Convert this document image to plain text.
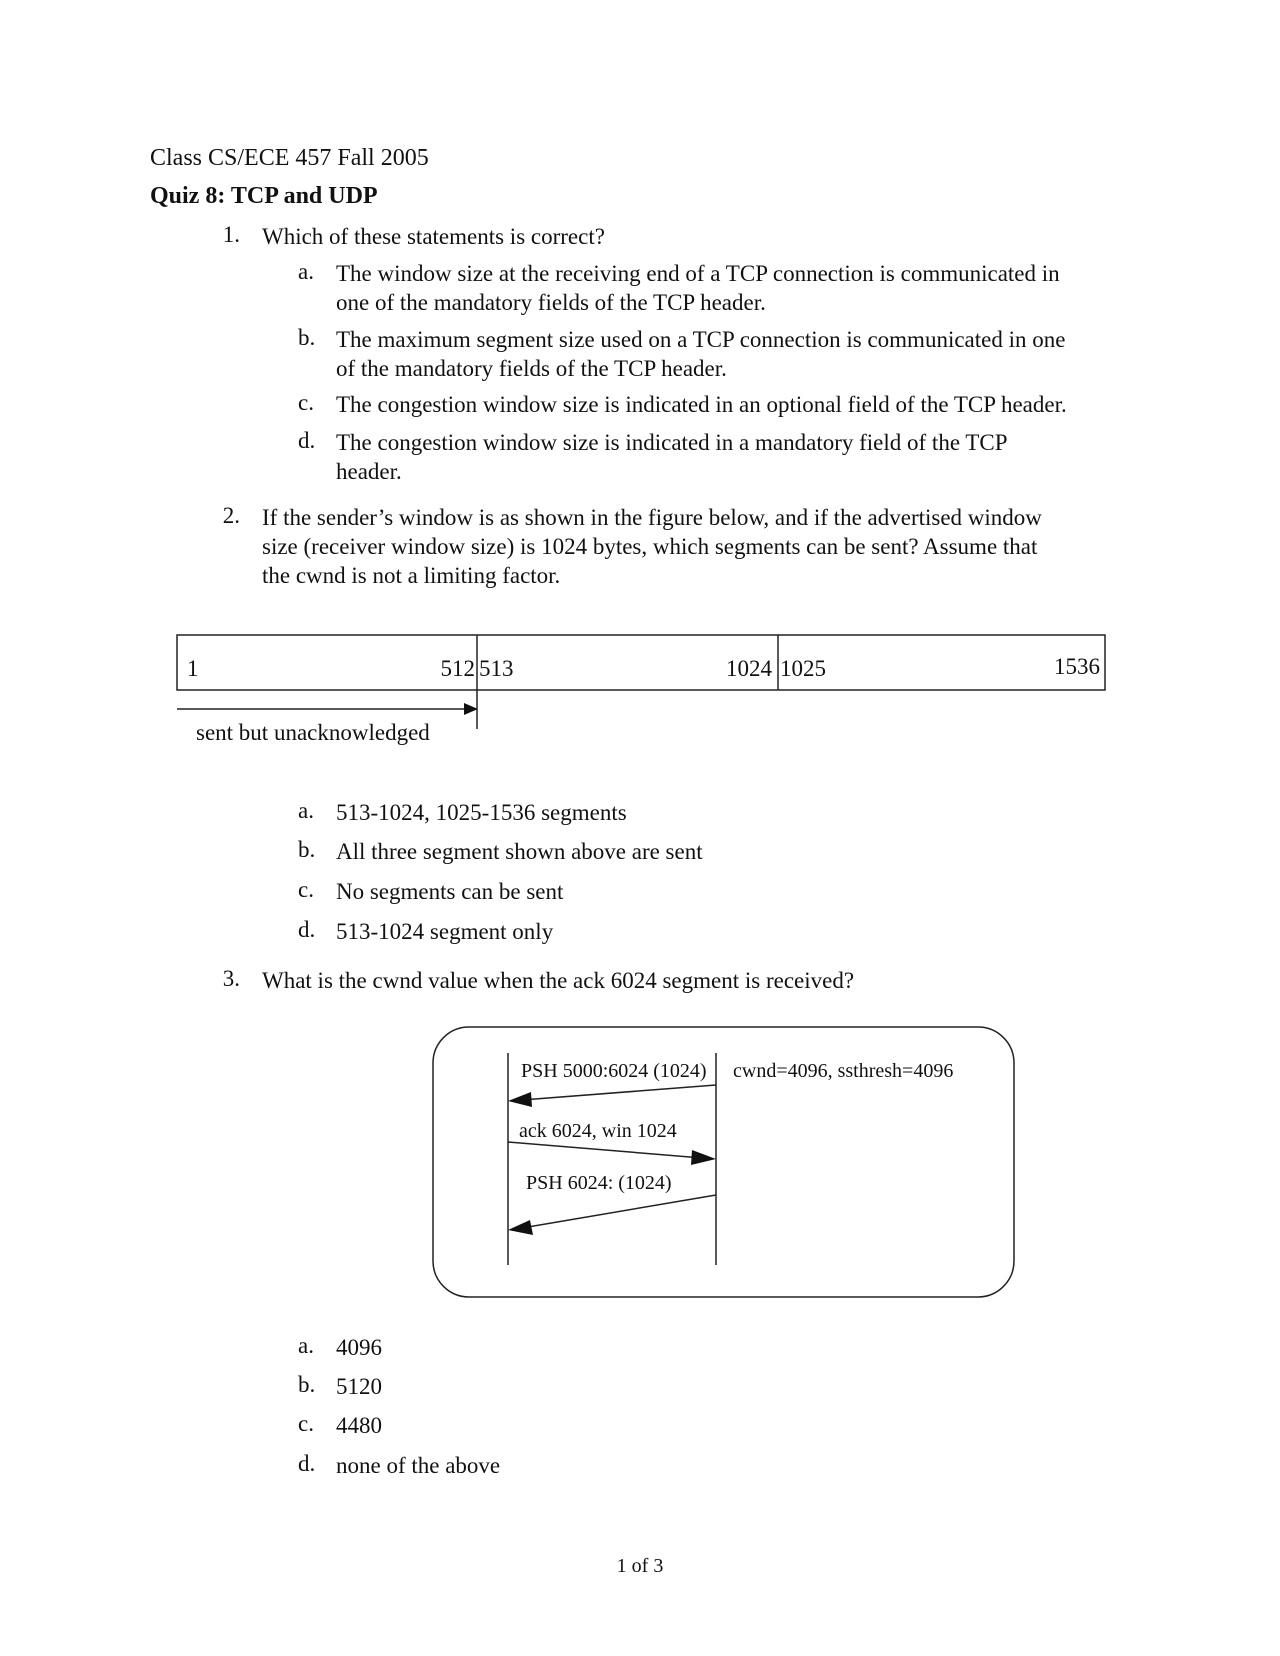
Class CS/ECE 457 Fall 2005
Quiz 8: TCP and UDP
1. Which of these statements is correct?
a. The window size at the receiving end of a TCP connection is communicated in
one of the mandatory fields of the TCP header.
b. The maximum segment size used on a TCP connection is communicated in one
of the mandatory fields of the TCP header.
c. The congestion window size is indicated in an optional field of the TCP header.
d. The congestion window size is indicated in a mandatory field of the TCP
header.
2. If the sender’s window is as shown in the figure below, and if the advertised window
size (receiver window size) is 1024 bytes, which segments can be sent? Assume that
the cwnd is not a limiting factor.
1	512 513	1024 1025	1536
sent but unacknowledged
a. 513-1024, 1025-1536 segments
b. All three segment shown above are sent
c. No segments can be sent
d. 513-1024 segment only
3. What is the cwnd value when the ack 6024 segment is received?
PSH 5000:6024 (1024) cwnd=4096, ssthresh=4096
ack 6024, win 1024
PSH 6024: (1024)
a. 4096
b. 5120
c. 4480
d. none of the above
1 of 3
